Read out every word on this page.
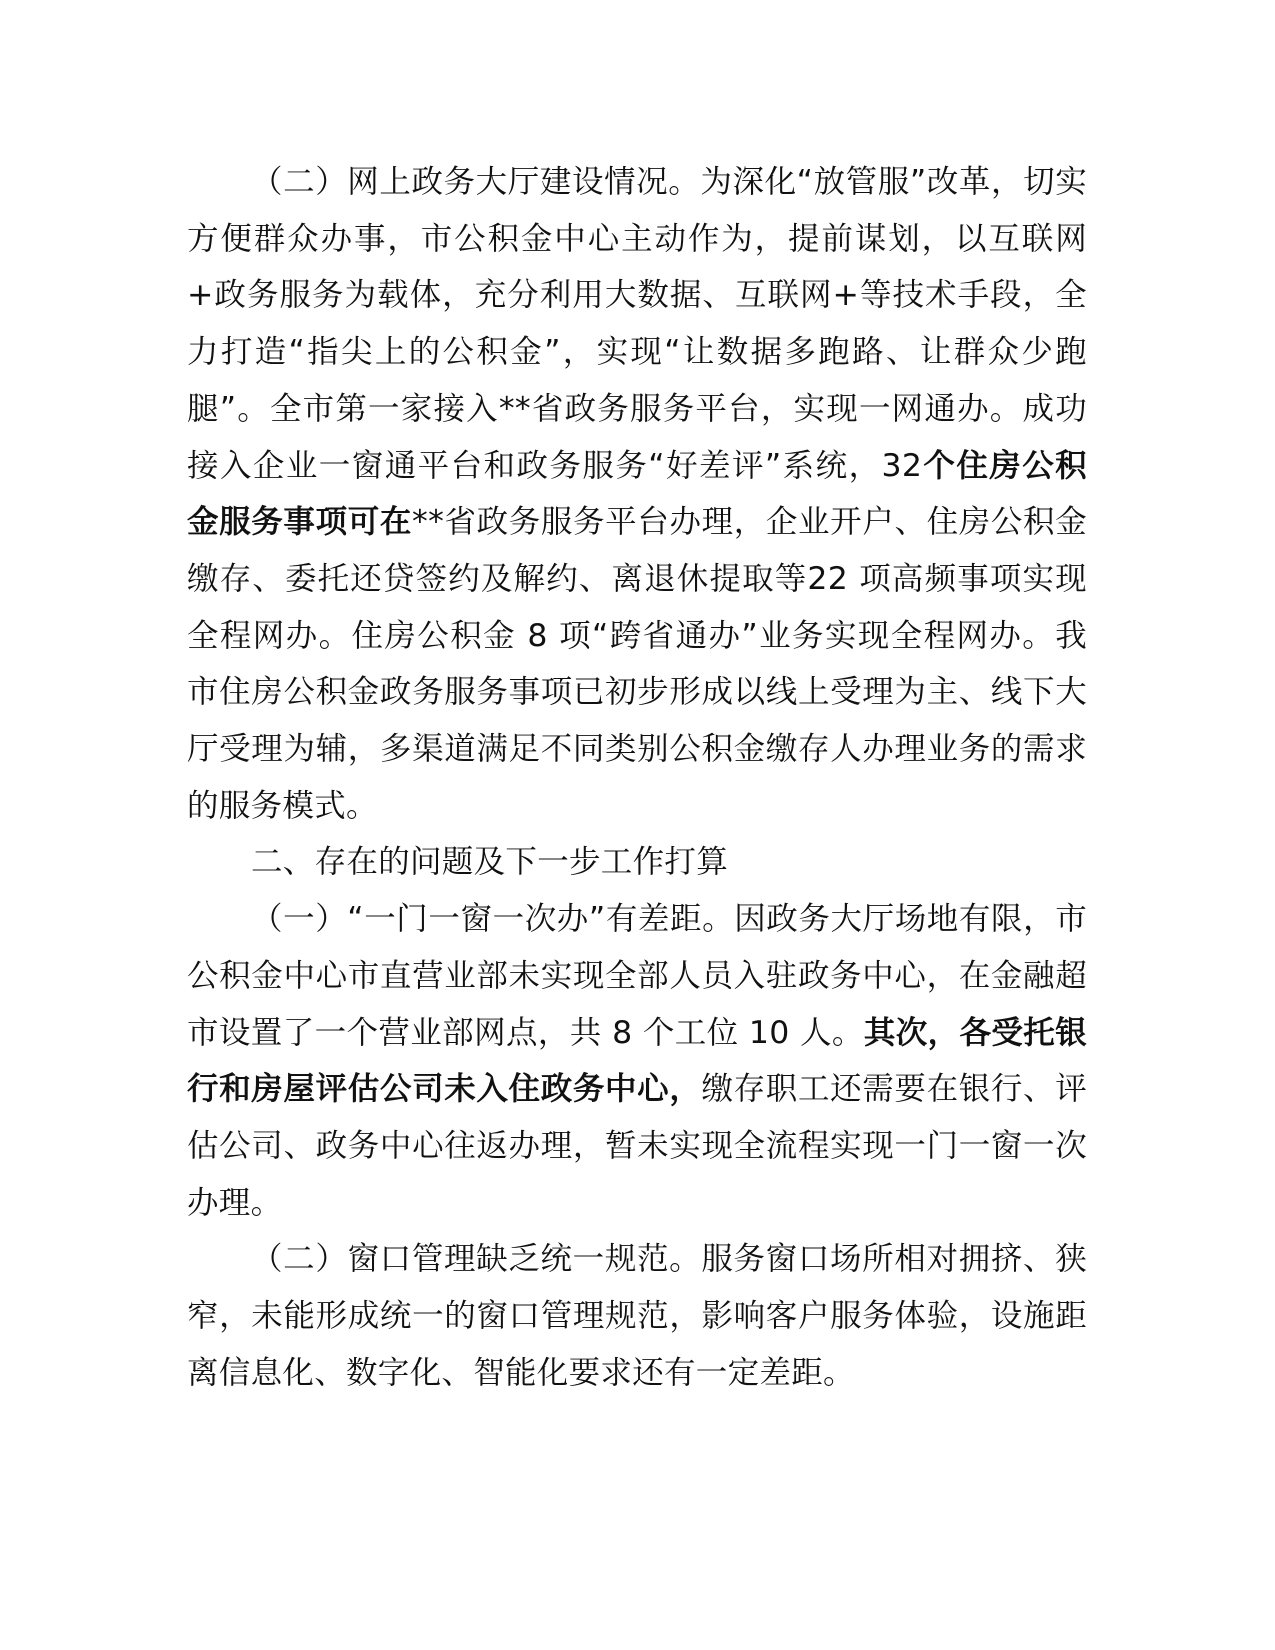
（二）网上政务大厅建设情况。为深化“放管服”改革，切实方便群众办事，市公积金中心主动作为，提前谋划，以互联网+政务服务为载体，充分利用大数据、互联网+等技术手段，全力打造“指尖上的公积金”，实现“让数据多跑路、让群众少跑腿”。全市第一家接入**省政务服务平台，实现一网通办。成功接入企业一窗通平台和政务服务“好差评”系统，32个住房公积金服务事项可在**省政务服务平台办理，企业开户、住房公积金缴存、委托还贷签约及解约、离退休提取等22 项高频事项实现全程网办。住房公积金 8 项“跨省通办”业务实现全程网办。我市住房公积金政务服务事项已初步形成以线上受理为主、线下大厅受理为辅，多渠道满足不同类别公积金缴存人办理业务的需求的服务模式。

二、存在的问题及下一步工作打算

（一）“一门一窗一次办”有差距。因政务大厅场地有限，市公积金中心市直营业部未实现全部人员入驻政务中心，在金融超市设置了一个营业部网点，共 8 个工位 10 人。其次，各受托银行和房屋评估公司未入住政务中心，缴存职工还需要在银行、评估公司、政务中心往返办理，暂未实现全流程实现一门一窗一次办理。

（二）窗口管理缺乏统一规范。服务窗口场所相对拥挤、狭窄，未能形成统一的窗口管理规范，影响客户服务体验，设施距离信息化、数字化、智能化要求还有一定差距。
